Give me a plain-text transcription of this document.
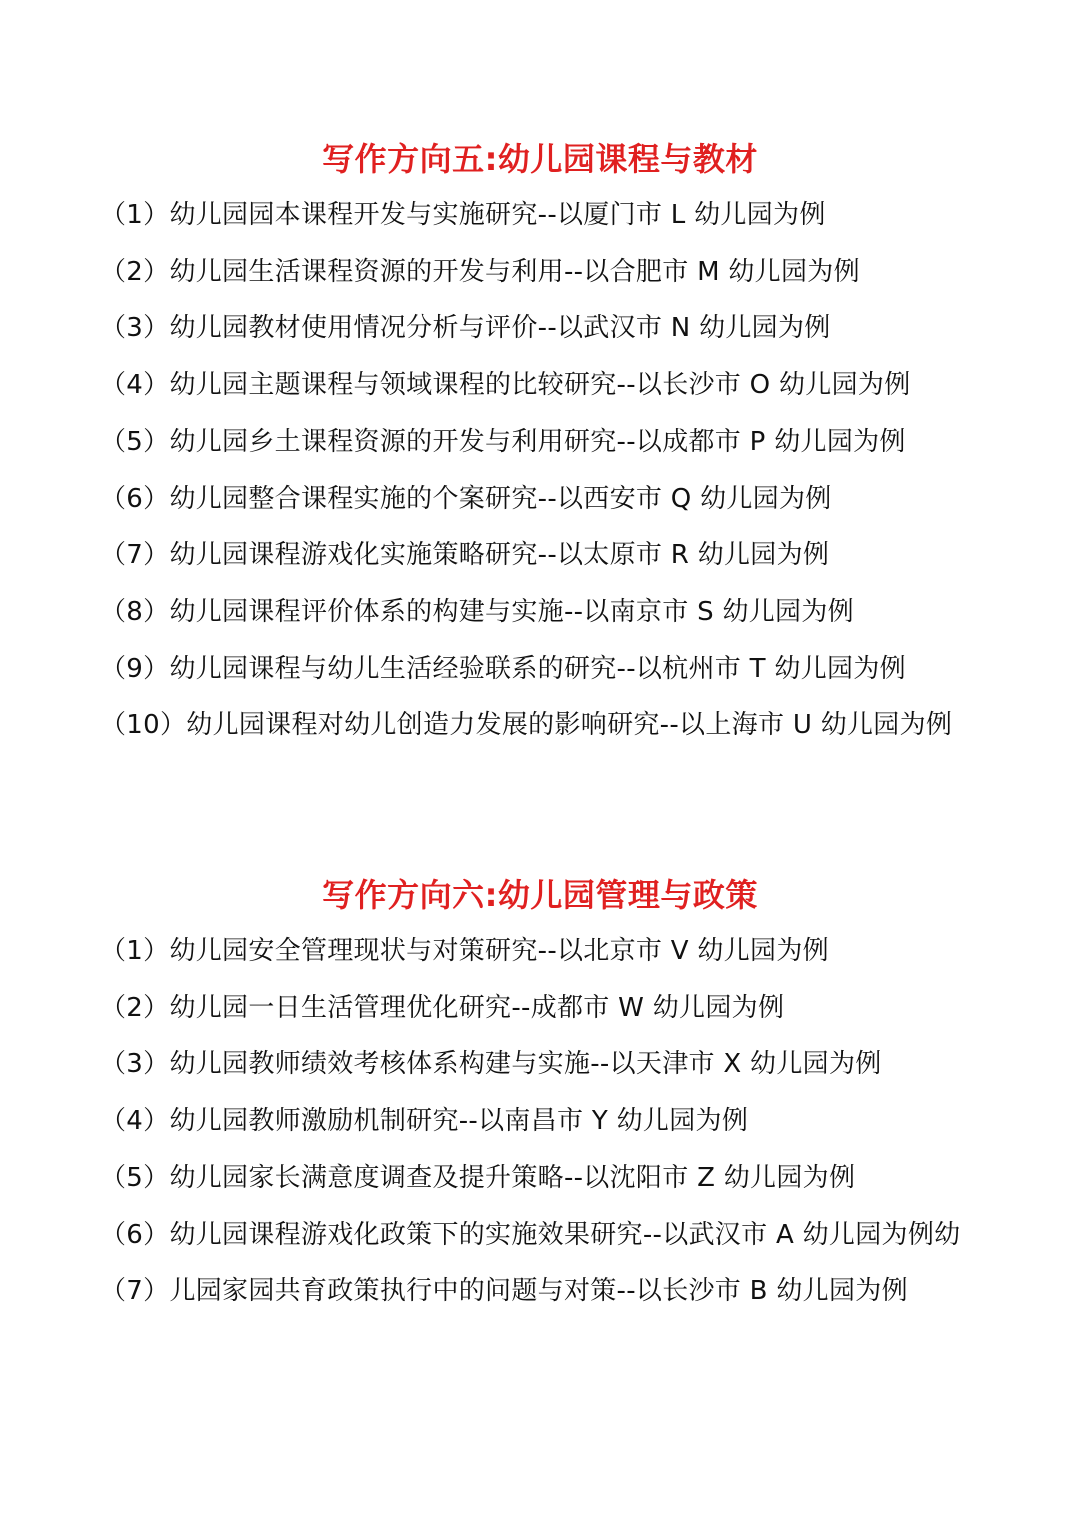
写作方向五:幼儿园课程与教材
（1）幼儿园园本课程开发与实施研究--以厦门市 L 幼儿园为例
（2）幼儿园生活课程资源的开发与利用--以合肥市 M 幼儿园为例
（3）幼儿园教材使用情况分析与评价--以武汉市 N 幼儿园为例
（4）幼儿园主题课程与领域课程的比较研究--以长沙市 O 幼儿园为例
（5）幼儿园乡土课程资源的开发与利用研究--以成都市 P 幼儿园为例
（6）幼儿园整合课程实施的个案研究--以西安市 Q 幼儿园为例
（7）幼儿园课程游戏化实施策略研究--以太原市 R 幼儿园为例
（8）幼儿园课程评价体系的构建与实施--以南京市 S 幼儿园为例
（9）幼儿园课程与幼儿生活经验联系的研究--以杭州市 T 幼儿园为例
（10）幼儿园课程对幼儿创造力发展的影响研究--以上海市 U 幼儿园为例
写作方向六:幼儿园管理与政策
（1）幼儿园安全管理现状与对策研究--以北京市 V 幼儿园为例
（2）幼儿园一日生活管理优化研究--成都市 W 幼儿园为例
（3）幼儿园教师绩效考核体系构建与实施--以天津市 X 幼儿园为例
（4）幼儿园教师激励机制研究--以南昌市 Y 幼儿园为例
（5）幼儿园家长满意度调查及提升策略--以沈阳市 Z 幼儿园为例
（6）幼儿园课程游戏化政策下的实施效果研究--以武汉市 A 幼儿园为例幼
（7）儿园家园共育政策执行中的问题与对策--以长沙市 B 幼儿园为例
